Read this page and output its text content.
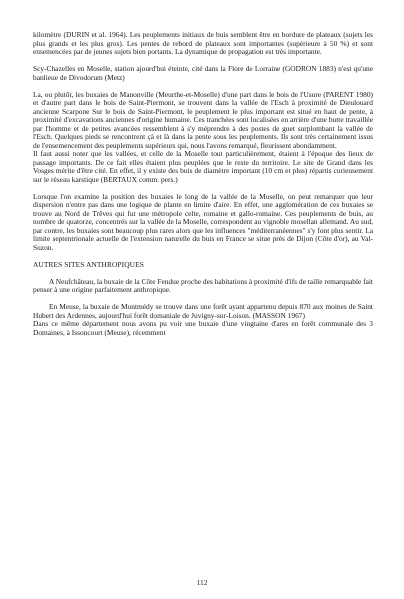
kilomètre (DURIN et al. 1964). Les peuplements initiaux de buis semblent être en bordure de plateaux (sujets les plus grands et les plus gros). Les pentes de rebord de plateaux sont importantes (supérieure à 50 %) et sont ensemencées par de jeunes sujets bien portants. La dynamique de propagation est très importante.

Scy-Chazelles en Moselle, station ajourd'hui éteinte, cité dans la Flore de Lorraine (GODRON 1883) n'est qu'une banlieue de Divodorum (Metz)

La, ou plutôt, les buxaies de Manonville (Meurthe-et-Moselle) d'une part dans le bois de l'Usure (PARENT 1980) et d'autre part dans le bois de Saint-Piermont, se trouvent dans la vallée de l'Esch à proximité de Dieulouard ancienne Scarpone Sur le bois de Saint-Piermont, le peuplement le plus important est situé en haut de pente, à proximité d'excavations anciennes d'origine humaine. Ces tranchées sont localisées en arrière d'une butte travaillée par l'homme et de petites avancées ressemblent à s'y méprendre à des postes de guet surplombant la vallée de l'Esch. Quelques pieds se rencontrent çà et là dans la pente sous les peuplements. Ils sont très certainement issus de l'ensemencement des peuplements supérieurs qui, nous l'avons remarqué, fleurissent abondamment.

Il faut aussi noter que les vallées, et celle de la Moselle tout particulièrement, étaient à l'époque des lieux de passage importants. De ce fait elles étaient plus peuplées que le reste du territoire. Le site de Grand dans les Vosges mérite d'être cité. En effet, il y existe des buis de diamètre important (10 cm et plus) répartis curieusement sur le réseau karstique (BERTAUX comm. pers.)

Lorsque l'on examine la position des buxaies le long de la vallée de la Moselle, on peut remarquer que leur dispersion n'entre pas dans une logique de plante en limite d'aire. En effet, une agglomération de ces buxaies se trouve au Nord de Trêves qui fut une métropole celte, romaine et gallo-romaine. Ces peuplements de buis, au nombre de quatorze, concentrés sur la vallée de la Moselle, correspondent au vignoble mosellan allemand. Au sud, par contre, les buxaies sont beaucoup plus rares alors que les influences "méditerranéennes" s'y font plus sentir. La limite septentrionale actuelle de l'extension naturelle du buis en France se situe près de Dijon (Côte d'or), au Val-Suzon.

AUTRES SITES ANTHROPIQUES

A Neufchâteau, la buxaie de la Côte Fendue proche des habitations à proximité d'ifs de taille remarquable fait penser à une origine parfaitement anthropique.

En Meuse, la buxaie de Montmédy se trouve dans une forêt ayant appartenu depuis 870 aux moines de Saint Hubert des Ardennes, aujourd'hui forêt domaniale de Juvigny-sur-Loison. (MASSON 1967)

Dans ce même département nous avons pu voir une buxaie d'une vingtaine d'ares en forêt communale des 3 Domaines, à Issoncourt (Meuse), récemment

112
